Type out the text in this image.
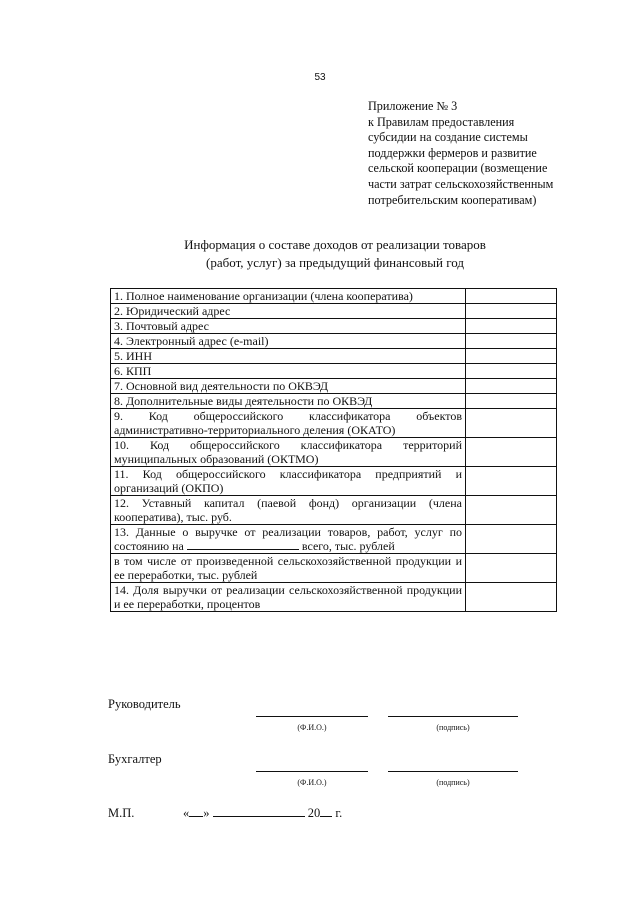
53
Приложение № 3
к Правилам предоставления
субсидии на создание системы
поддержки фермеров и развитие
сельской кооперации (возмещение
части затрат сельскохозяйственным
потребительским кооперативам)
Информация о составе доходов от реализации товаров
(работ, услуг) за предыдущий финансовый год
1. Полное наименование организации (члена кооператива)	
2. Юридический адрес	
3. Почтовый адрес	
4. Электронный адрес (e-mail)	
5. ИНН	
6. КПП	
7. Основной вид деятельности по ОКВЭД	
8. Дополнительные виды деятельности по ОКВЭД	
9. Код общероссийского классификатора объектов административно-территориального деления (ОКАТО)	
10. Код общероссийского классификатора территорий муниципальных образований (ОКТМО)	
11. Код общероссийского классификатора предприятий и организаций (ОКПО)	
12. Уставный капитал (паевой фонд) организации (члена кооператива), тыс. руб.	
13. Данные о выручке от реализации товаров, работ, услуг по состоянию на всего, тыс. рублей	
в том числе от произведенной сельскохозяйственной продукции и ее переработки, тыс. рублей	
14. Доля выручки от реализации сельскохозяйственной продукции и ее переработки, процентов	
Руководитель
(Ф.И.О.)	(подпись)
Бухгалтер
(Ф.И.О.)	(подпись)
М.П.	« »	20 г.
